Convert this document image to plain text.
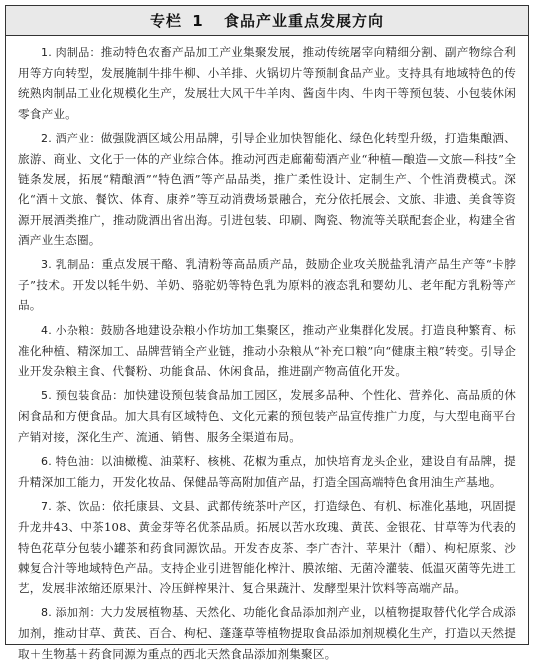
专栏 1 食品产业重点发展方向

1. 肉制品：推动特色农畜产品加工产业集聚发展，推动传统屠宰向精细分割、副产物综合利用等方向转型，发展腌制牛排牛柳、小羊排、火锅切片等预制食品产业。支持具有地域特色的传统熟肉制品工业化规模化生产，发展壮大风干牛羊肉、酱卤牛肉、牛肉干等预包装、小包装休闲零食产业。

2. 酒产业：做强陇酒区域公用品牌，引导企业加快智能化、绿色化转型升级，打造集酿酒、旅游、商业、文化于一体的产业综合体。推动河西走廊葡萄酒产业“种植—酿造—文旅—科技”全链条发展，拓展“精酿酒”“特色酒”等产品品类，推广柔性设计、定制生产、个性消费模式。深化“酒＋文旅、餐饮、体育、康养”等互动消费场景融合，充分依托展会、文旅、非遗、美食等资源开展酒类推广，推动陇酒出省出海。引进包装、印刷、陶瓷、物流等关联配套企业，构建全省酒产业生态圈。

3. 乳制品：重点发展干酪、乳清粉等高品质产品，鼓励企业攻关脱盐乳清产品生产等“卡脖子”技术。开发以牦牛奶、羊奶、骆驼奶等特色乳为原料的液态乳和婴幼儿、老年配方乳粉等产品。

4. 小杂粮：鼓励各地建设杂粮小作坊加工集聚区，推动产业集群化发展。打造良种繁育、标准化种植、精深加工、品牌营销全产业链，推动小杂粮从“补充口粮”向“健康主粮”转变。引导企业开发杂粮主食、代餐粉、功能食品、休闲食品，推进副产物高值化开发。

5. 预包装食品：加快建设预包装食品加工园区，发展多品种、个性化、营养化、高品质的休闲食品和方便食品。加大具有区域特色、文化元素的预包装产品宣传推广力度，与大型电商平台产销对接，深化生产、流通、销售、服务全渠道布局。

6. 特色油：以油橄榄、油菜籽、核桃、花椒为重点，加快培育龙头企业，建设自有品牌，提升精深加工能力，开发化妆品、保健品等高附加值产品，打造全国高端特色食用油生产基地。

7. 茶、饮品：依托康县、文县、武都传统茶叶产区，打造绿色、有机、标准化基地，巩固提升龙井43、中茶108、黄金芽等名优茶品质。拓展以苦水玫瑰、黄芪、金银花、甘草等为代表的特色花草分包装小罐茶和药食同源饮品。开发杏皮茶、李广杏汁、苹果汁（醋）、枸杞原浆、沙棘复合汁等地域特色产品。支持企业引进智能化榨汁、膜浓缩、无菌冷灌装、低温灭菌等先进工艺，发展非浓缩还原果汁、冷压鲜榨果汁、复合果蔬汁、发酵型果汁饮料等高端产品。

8. 添加剂：大力发展植物基、天然化、功能化食品添加剂产业，以植物提取替代化学合成添加剂，推动甘草、黄芪、百合、枸杞、蓬蓬草等植物提取食品添加剂规模化生产，打造以天然提取＋生物基＋药食同源为重点的西北天然食品添加剂集聚区。
